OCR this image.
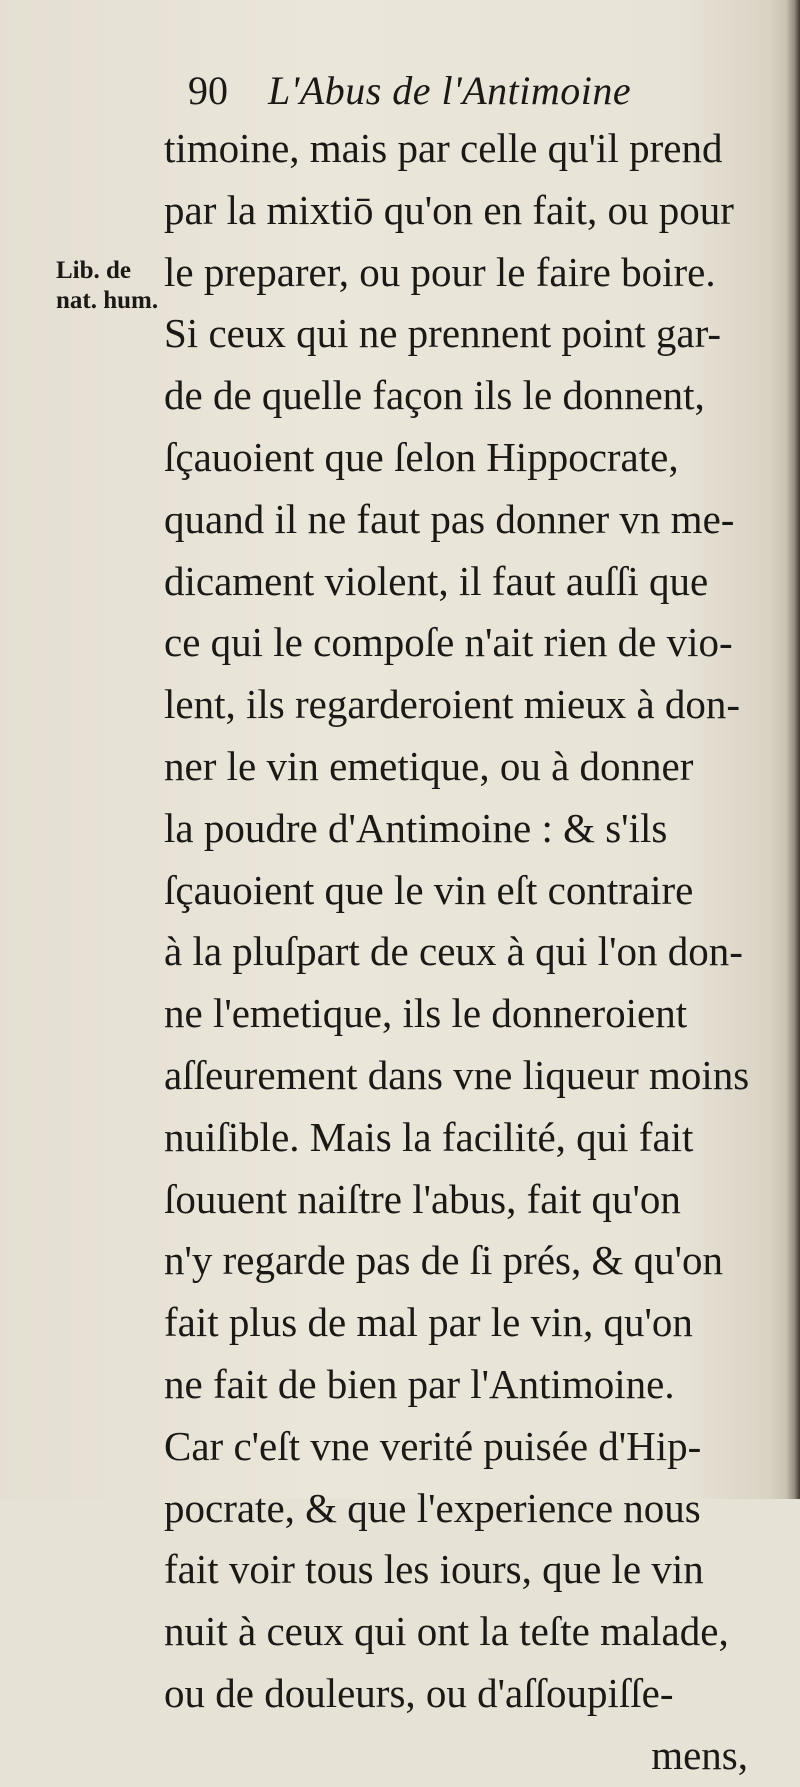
90 L'Abus de l'Antimoine
Lib. de
nat. hum.
timoine, mais par celle qu'il prend
par la mixtiō qu'on en fait, ou pour
le preparer, ou pour le faire boire.
Si ceux qui ne prennent point gar-
de de quelle façon ils le donnent,
ſçauoient que ſelon Hippocrate,
quand il ne faut pas donner vn me-
dicament violent, il faut auſſi que
ce qui le compoſe n'ait rien de vio-
lent, ils regarderoient mieux à don-
ner le vin emetique, ou à donner
la poudre d'Antimoine : & s'ils
ſçauoient que le vin eſt contraire
à la pluſpart de ceux à qui l'on don-
ne l'emetique, ils le donneroient
aſſeurement dans vne liqueur moins
nuiſible. Mais la facilité, qui fait
ſouuent naiſtre l'abus, fait qu'on
n'y regarde pas de ſi prés, & qu'on
fait plus de mal par le vin, qu'on
ne fait de bien par l'Antimoine.
Car c'eſt vne verité puisée d'Hip-
pocrate, & que l'experience nous
fait voir tous les iours, que le vin
nuit à ceux qui ont la teſte malade,
ou de douleurs, ou d'aſſoupiſſe-
mens,
